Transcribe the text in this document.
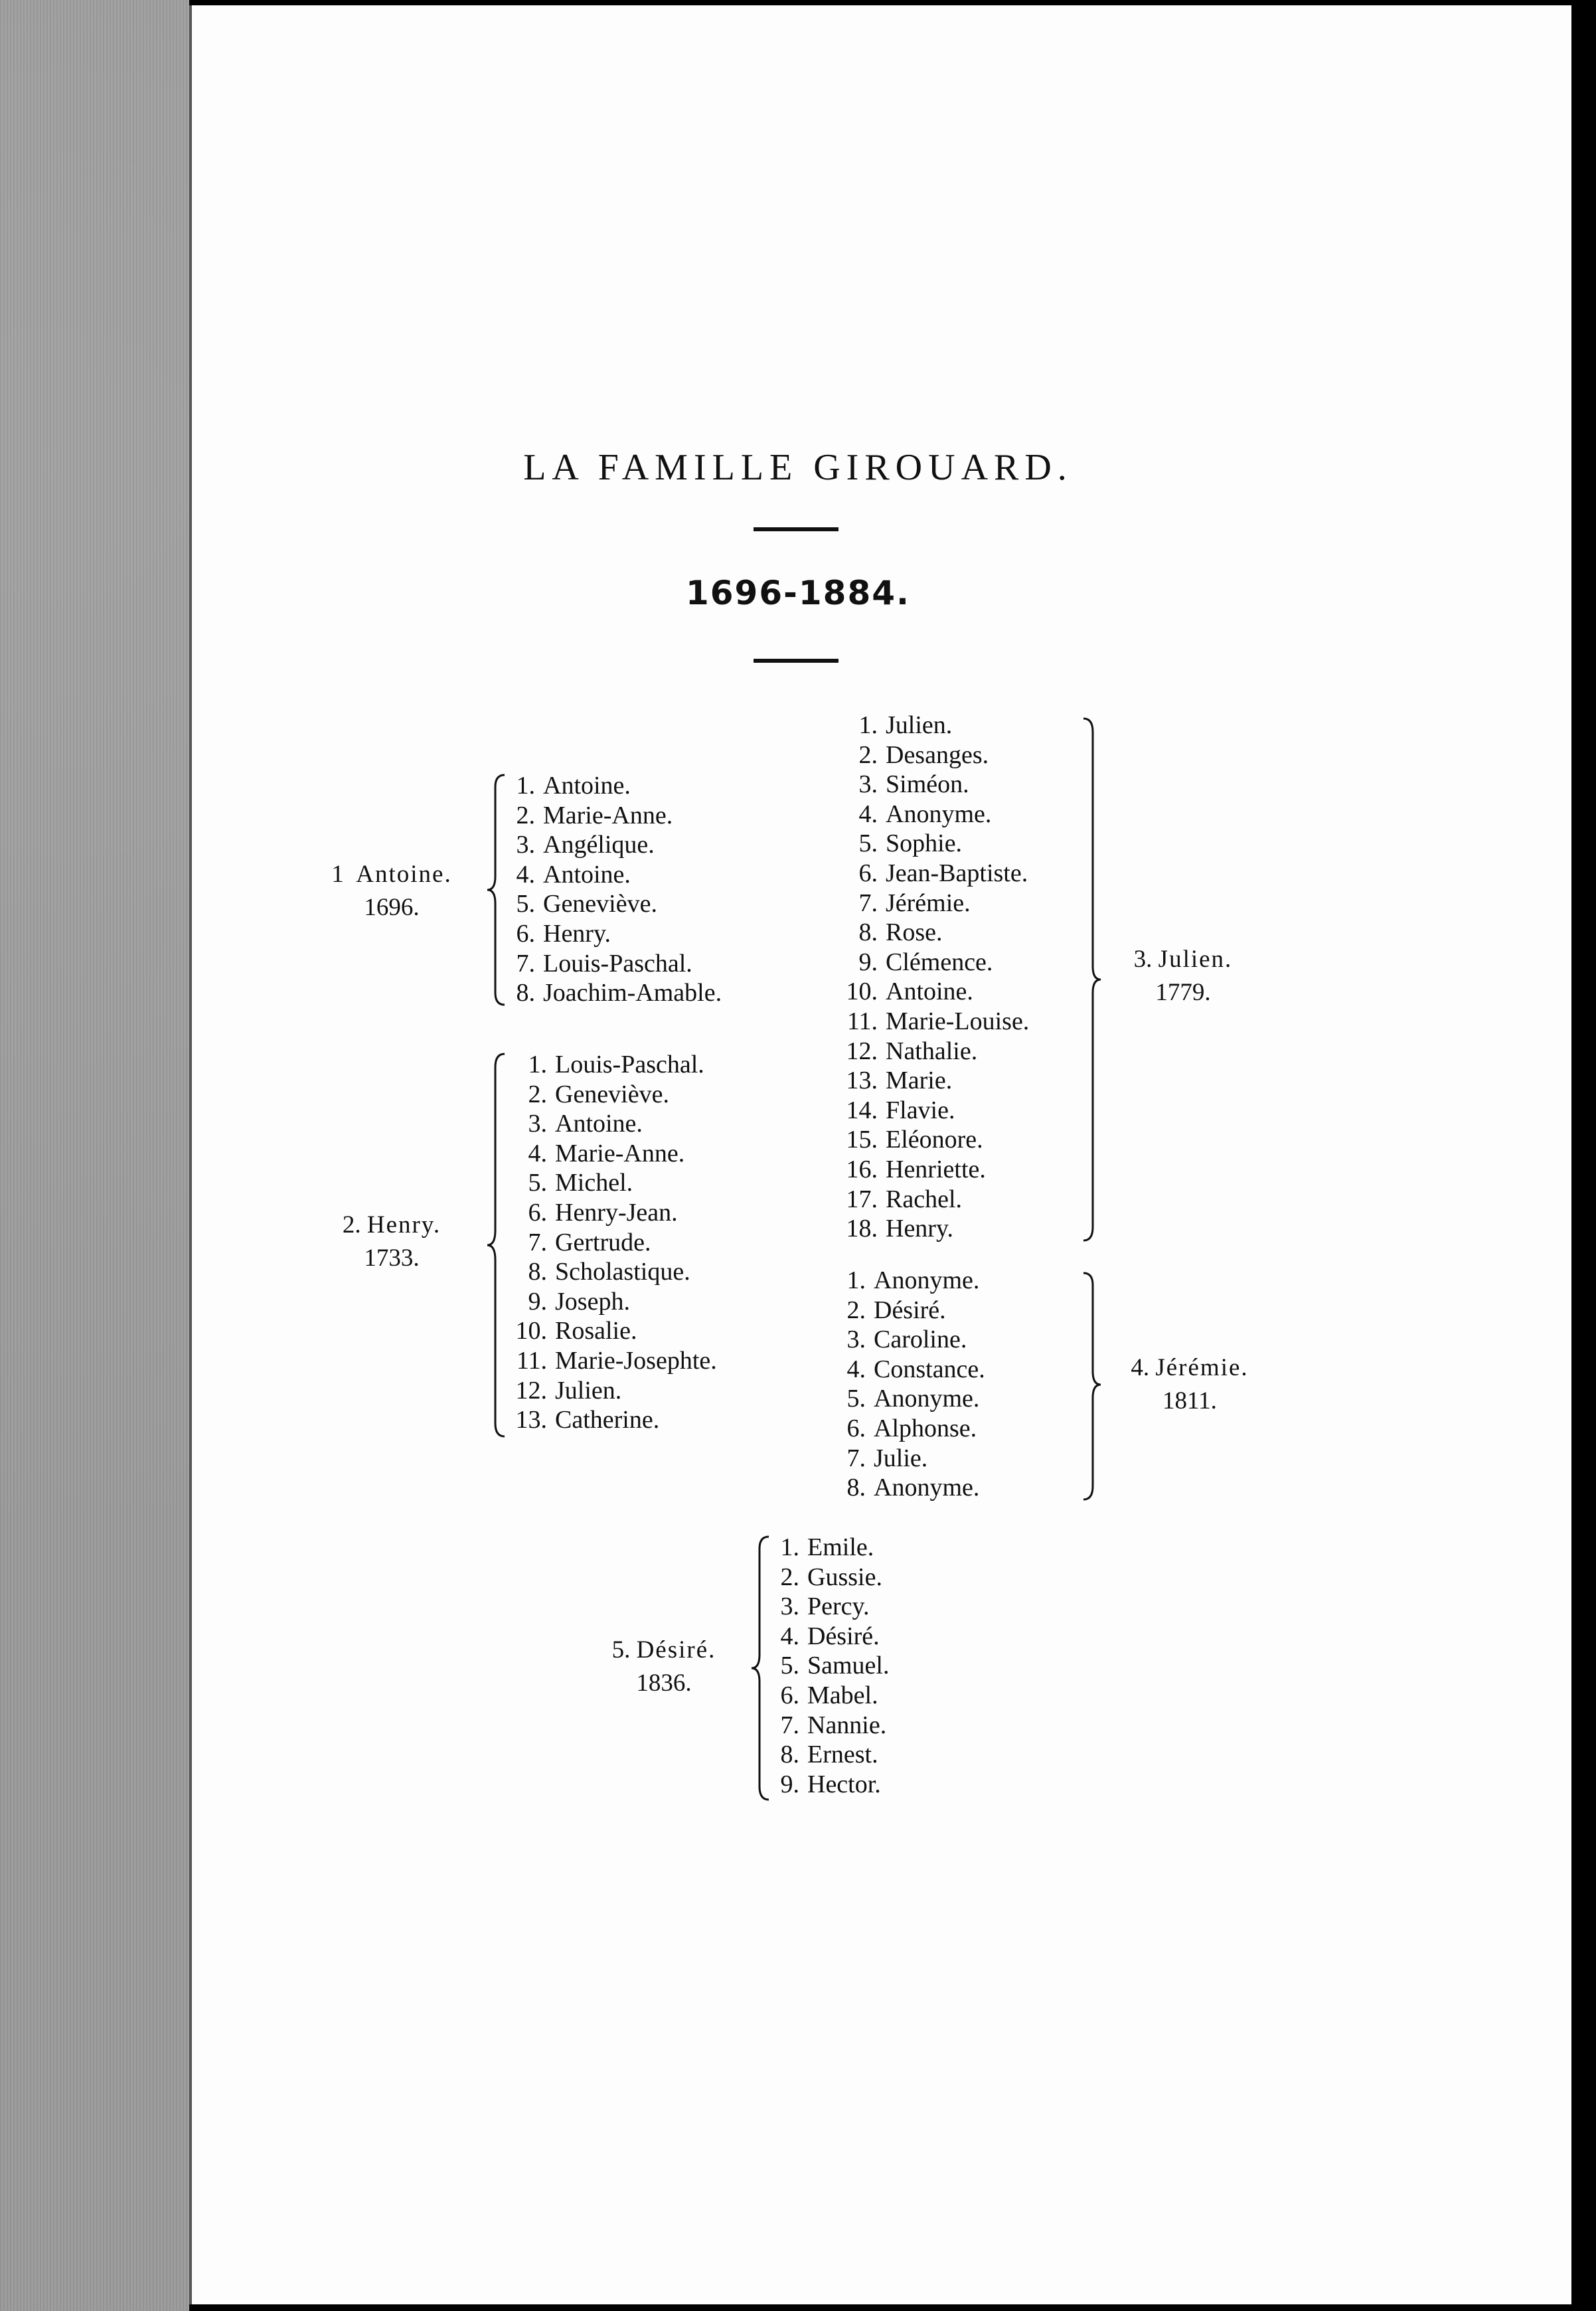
LA FAMILLE GIROUARD.
1696-1884.
1 Antoine.
1696.
1. Antoine.
2. Marie-Anne.
3. Angélique.
4. Antoine.
5. Geneviève.
6. Henry.
7. Louis-Paschal.
8. Joachim-Amable.
2. Henry.
1733.
1. Louis-Paschal.
2. Geneviève.
3. Antoine.
4. Marie-Anne.
5. Michel.
6. Henry-Jean.
7. Gertrude.
8. Scholastique.
9. Joseph.
10. Rosalie.
11. Marie-Josephte.
12. Julien.
13. Catherine.
1. Julien.
2. Desanges.
3. Siméon.
4. Anonyme.
5. Sophie.
6. Jean-Baptiste.
7. Jérémie.
8. Rose.
9. Clémence.
10. Antoine.
11. Marie-Louise.
12. Nathalie.
13. Marie.
14. Flavie.
15. Eléonore.
16. Henriette.
17. Rachel.
18. Henry.
3. Julien.
1779.
1. Anonyme.
2. Désiré.
3. Caroline.
4. Constance.
5. Anonyme.
6. Alphonse.
7. Julie.
8. Anonyme.
4. Jérémie.
1811.
5. Désiré.
1836.
1. Emile.
2. Gussie.
3. Percy.
4. Désiré.
5. Samuel.
6. Mabel.
7. Nannie.
8. Ernest.
9. Hector.
